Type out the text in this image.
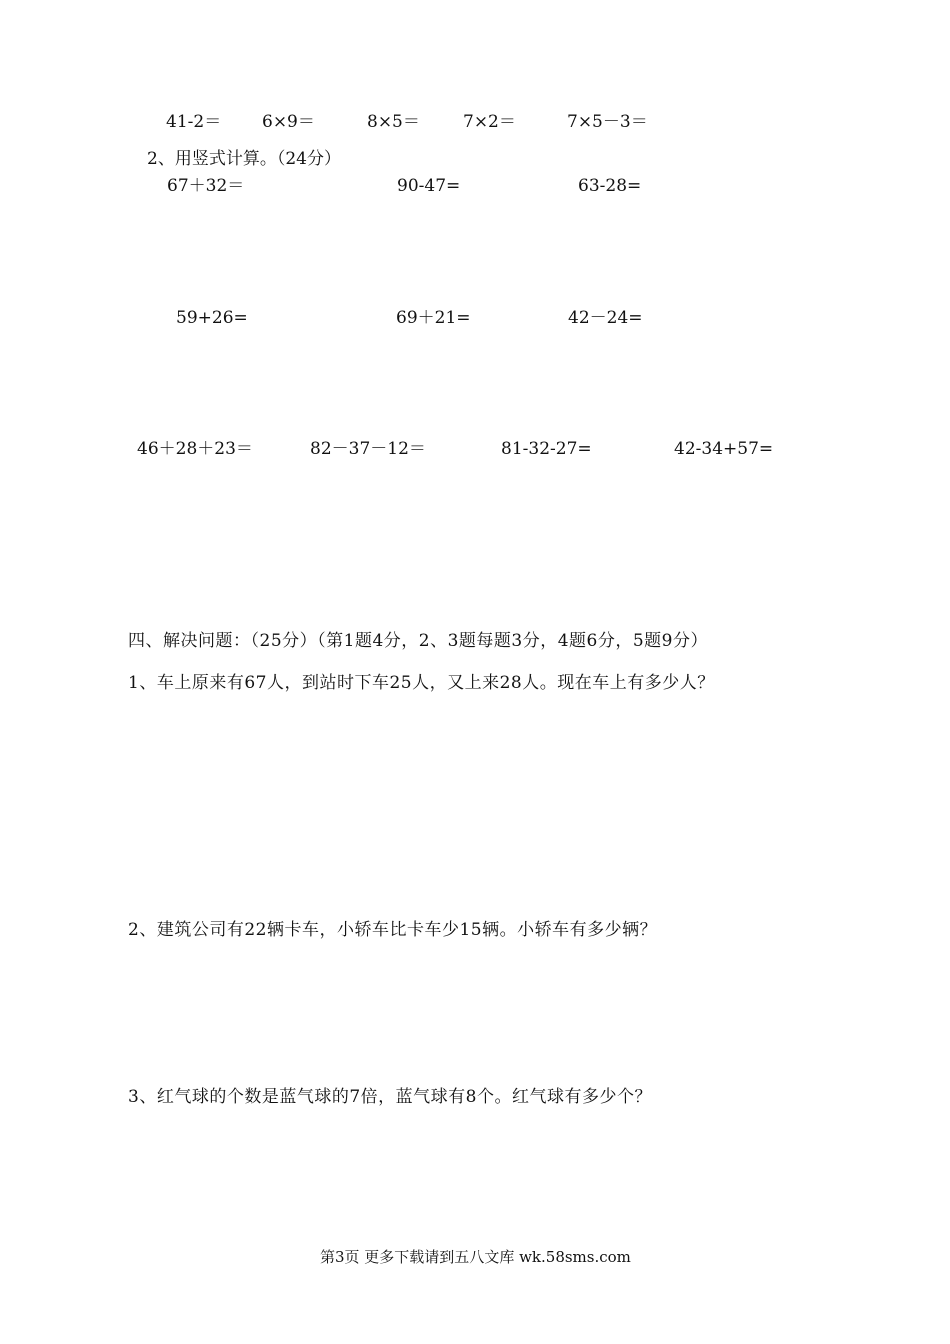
41-2＝ 6×9＝	8×5＝	7×2＝	7×5－3＝
2、用竖式计算。（24分）
67＋32＝	90-47=	63-28=
59+26=	69＋21=	42－24=
46＋28＋23＝	82－37－12＝	81-32-27=	42-34+57=
四、解决问题：（25分）（第1题4分，2、3题每题3分，4题6分，5题9分）
1、车上原来有67人，到站时下车25人，又上来28人。现在车上有多少人？
2、建筑公司有22辆卡车，小轿车比卡车少15辆。小轿车有多少辆？
3、红气球的个数是蓝气球的7倍，蓝气球有8个。红气球有多少个？
第3页 更多下载请到五八文库 wk.58sms.com
